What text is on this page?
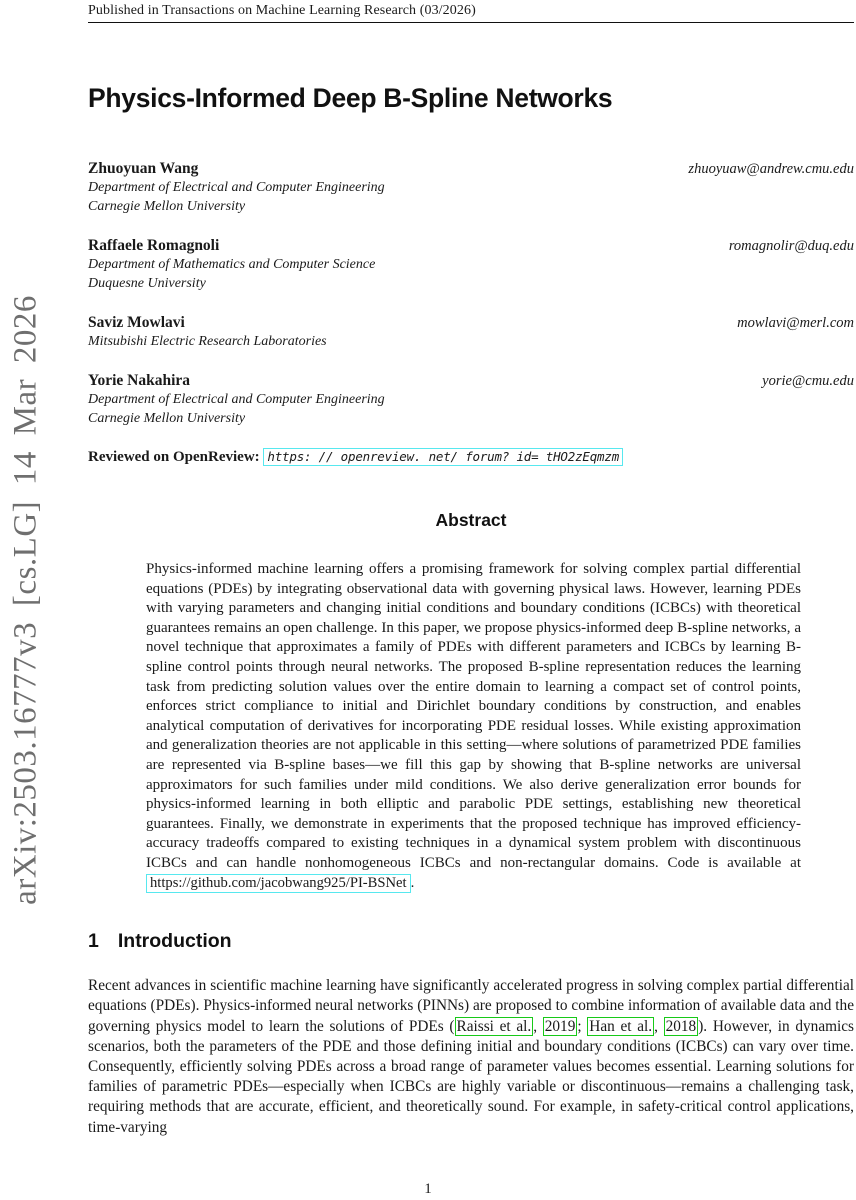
arXiv:2503.16777v3 [cs.LG] 14 Mar 2026
Published in Transactions on Machine Learning Research (03/2026)
Physics-Informed Deep B-Spline Networks
Zhuoyuan Wang	zhuoyuaw@andrew.cmu.edu
Department of Electrical and Computer Engineering
Carnegie Mellon University
Raffaele Romagnoli	romagnolir@duq.edu
Department of Mathematics and Computer Science
Duquesne University
Saviz Mowlavi	mowlavi@merl.com
Mitsubishi Electric Research Laboratories
Yorie Nakahira	yorie@cmu.edu
Department of Electrical and Computer Engineering
Carnegie Mellon University
Reviewed on OpenReview: https: // openreview. net/ forum? id= tHO2zEqmzm
Abstract
Physics-informed machine learning offers a promising framework for solving complex partial differential equations (PDEs) by integrating observational data with governing physical laws. However, learning PDEs with varying parameters and changing initial conditions and boundary conditions (ICBCs) with theoretical guarantees remains an open challenge. In this paper, we propose physics-informed deep B-spline networks, a novel technique that approximates a family of PDEs with different parameters and ICBCs by learning B-spline control points through neural networks. The proposed B-spline representation reduces the learning task from predicting solution values over the entire domain to learning a compact set of control points, enforces strict compliance to initial and Dirichlet boundary conditions by construction, and enables analytical computation of derivatives for incorporating PDE residual losses. While existing approximation and generalization theories are not applicable in this setting—where solutions of parametrized PDE families are represented via B-spline bases—we fill this gap by showing that B-spline networks are universal approximators for such families under mild conditions. We also derive generalization error bounds for physics-informed learning in both elliptic and parabolic PDE settings, establishing new theoretical guarantees. Finally, we demonstrate in experiments that the proposed technique has improved efficiency-accuracy tradeoffs compared to existing techniques in a dynamical system problem with discontinuous ICBCs and can handle nonhomogeneous ICBCs and non-rectangular domains. Code is available at https://github.com/jacobwang925/PI-BSNet .
1 Introduction
Recent advances in scientific machine learning have significantly accelerated progress in solving complex partial differential equations (PDEs). Physics-informed neural networks (PINNs) are proposed to combine information of available data and the governing physics model to learn the solutions of PDEs ( Raissi et al. , 2019 ; Han et al. , 2018 ). However, in dynamics scenarios, both the parameters of the PDE and those defining initial and boundary conditions (ICBCs) can vary over time. Consequently, efficiently solving PDEs across a broad range of parameter values becomes essential. Learning solutions for families of parametric PDEs—especially when ICBCs are highly variable or discontinuous—remains a challenging task, requiring methods that are accurate, efficient, and theoretically sound. For example, in safety-critical control applications, time-varying
1
